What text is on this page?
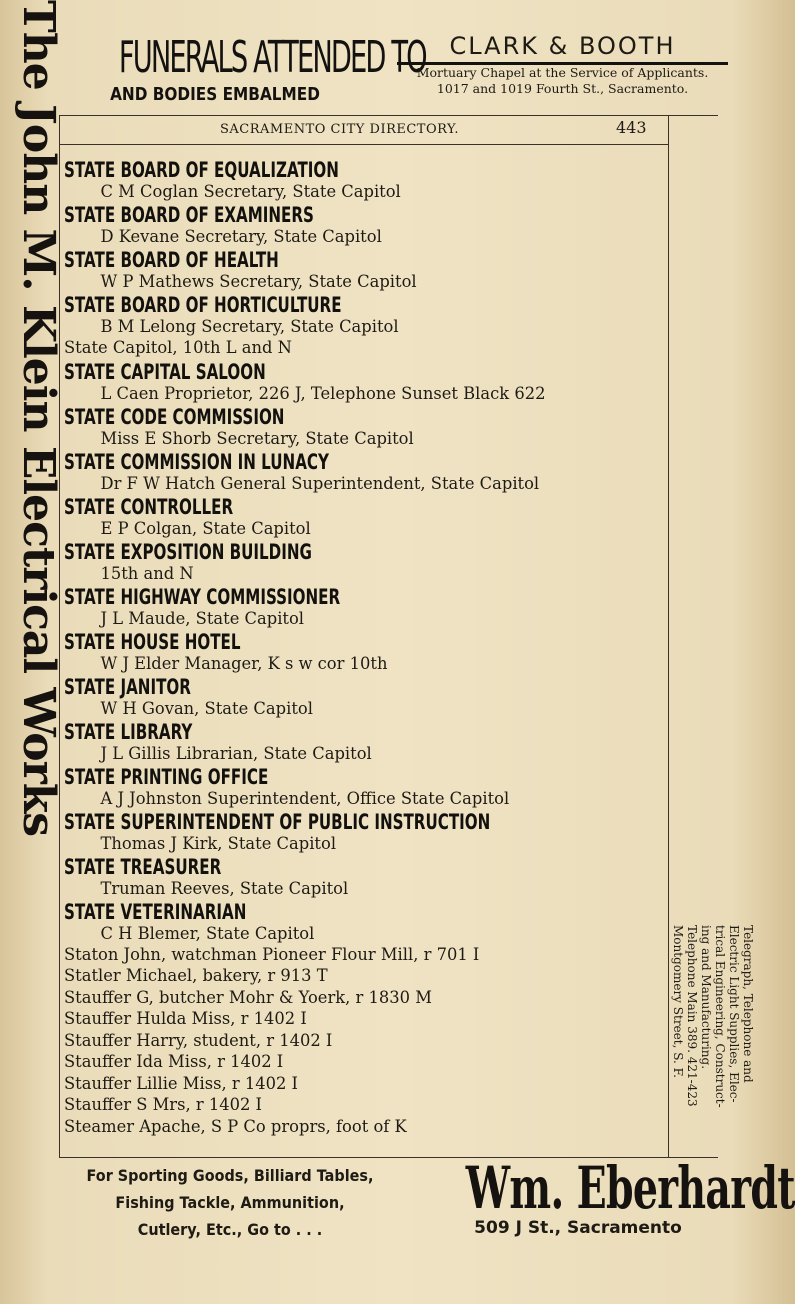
FUNERALS ATTENDED TO
AND BODIES EMBALMED
CLARK & BOOTH
Mortuary Chapel at the Service of Applicants.
1017 and 1019 Fourth St., Sacramento.
SACRAMENTO CITY DIRECTORY.	443
STATE BOARD OF EQUALIZATION
C M Coglan Secretary, State Capitol
STATE BOARD OF EXAMINERS
D Kevane Secretary, State Capitol
STATE BOARD OF HEALTH
W P Mathews Secretary, State Capitol
STATE BOARD OF HORTICULTURE
B M Lelong Secretary, State Capitol
State Capitol, 10th L and N
STATE CAPITAL SALOON
L Caen Proprietor, 226 J, Telephone Sunset Black 622
STATE CODE COMMISSION
Miss E Shorb Secretary, State Capitol
STATE COMMISSION IN LUNACY
Dr F W Hatch General Superintendent, State Capitol
STATE CONTROLLER
E P Colgan, State Capitol
STATE EXPOSITION BUILDING
15th and N
STATE HIGHWAY COMMISSIONER
J L Maude, State Capitol
STATE HOUSE HOTEL
W J Elder Manager, K s w cor 10th
STATE JANITOR
W H Govan, State Capitol
STATE LIBRARY
J L Gillis Librarian, State Capitol
STATE PRINTING OFFICE
A J Johnston Superintendent, Office State Capitol
STATE SUPERINTENDENT OF PUBLIC INSTRUCTION
Thomas J Kirk, State Capitol
STATE TREASURER
Truman Reeves, State Capitol
STATE VETERINARIAN
C H Blemer, State Capitol
Staton John, watchman Pioneer Flour Mill, r 701 I
Statler Michael, bakery, r 913 T
Stauffer G, butcher Mohr & Yoerk, r 1830 M
Stauffer Hulda Miss, r 1402 I
Stauffer Harry, student, r 1402 I
Stauffer Ida Miss, r 1402 I
Stauffer Lillie Miss, r 1402 I
Stauffer S Mrs, r 1402 I
Steamer Apache, S P Co proprs, foot of K
The John M. Klein Electrical Works
Telegraph, Telephone and
Electric Light Supplies, Elec-
trical Engineering, Construct-
ing and Manufacturing.
Telephone Main 389. 421-423
Montgomery Street, S. F.
For Sporting Goods, Billiard Tables,
Fishing Tackle, Ammunition,
Cutlery, Etc., Go to . . .
Wm. Eberhardt
509 J St., Sacramento
